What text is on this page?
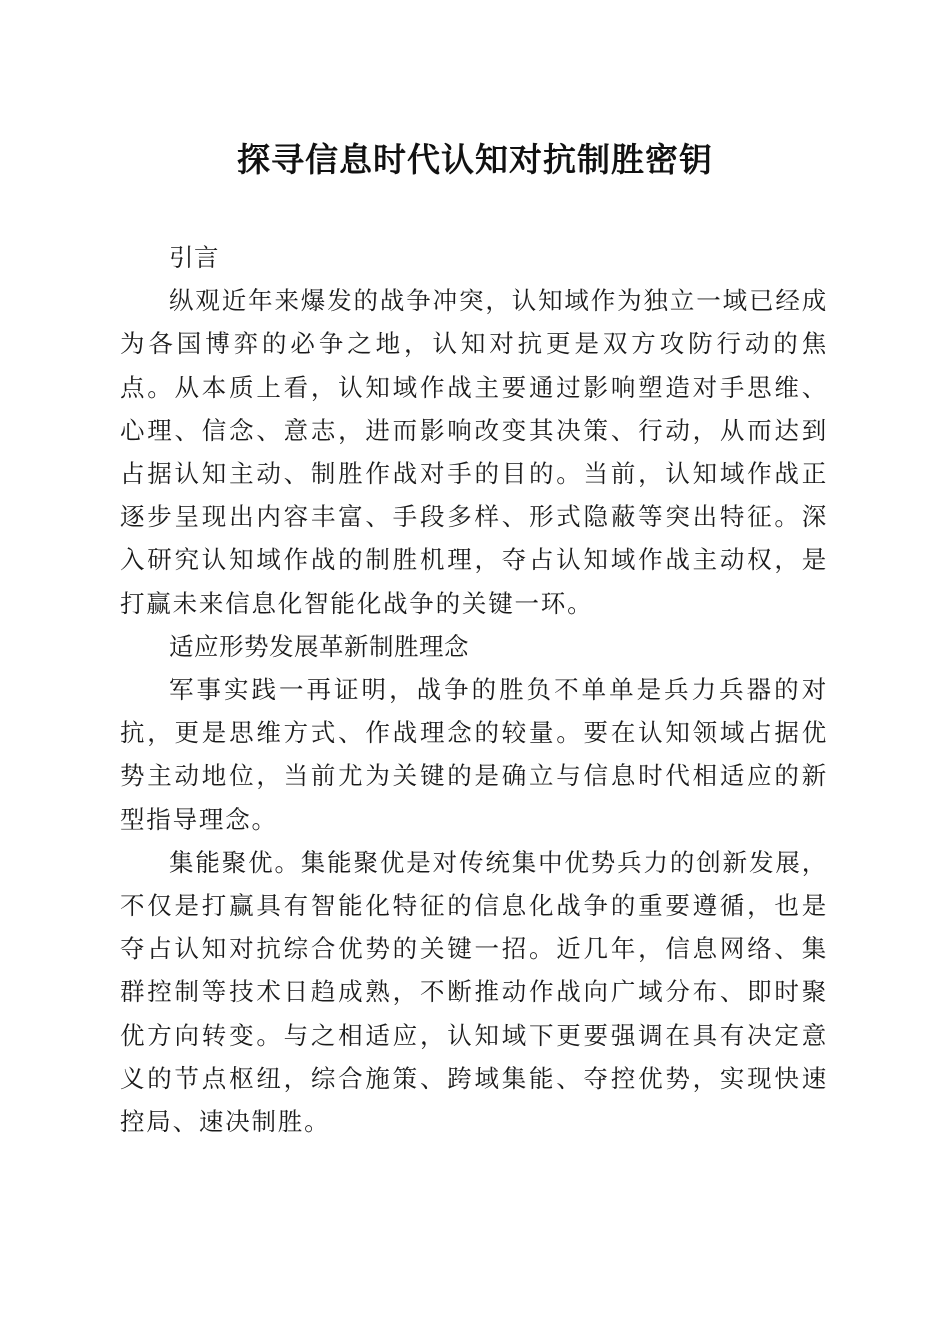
探寻信息时代认知对抗制胜密钥

引言

纵观近年来爆发的战争冲突，认知域作为独立一域已经成为各国博弈的必争之地，认知对抗更是双方攻防行动的焦点。从本质上看，认知域作战主要通过影响塑造对手思维、心理、信念、意志，进而影响改变其决策、行动，从而达到占据认知主动、制胜作战对手的目的。当前，认知域作战正逐步呈现出内容丰富、手段多样、形式隐蔽等突出特征。深入研究认知域作战的制胜机理，夺占认知域作战主动权，是打赢未来信息化智能化战争的关键一环。

适应形势发展革新制胜理念

军事实践一再证明，战争的胜负不单单是兵力兵器的对抗，更是思维方式、作战理念的较量。要在认知领域占据优势主动地位，当前尤为关键的是确立与信息时代相适应的新型指导理念。

集能聚优。集能聚优是对传统集中优势兵力的创新发展，不仅是打赢具有智能化特征的信息化战争的重要遵循，也是夺占认知对抗综合优势的关键一招。近几年，信息网络、集群控制等技术日趋成熟，不断推动作战向广域分布、即时聚优方向转变。与之相适应，认知域下更要强调在具有决定意义的节点枢纽，综合施策、跨域集能、夺控优势，实现快速控局、速决制胜。
